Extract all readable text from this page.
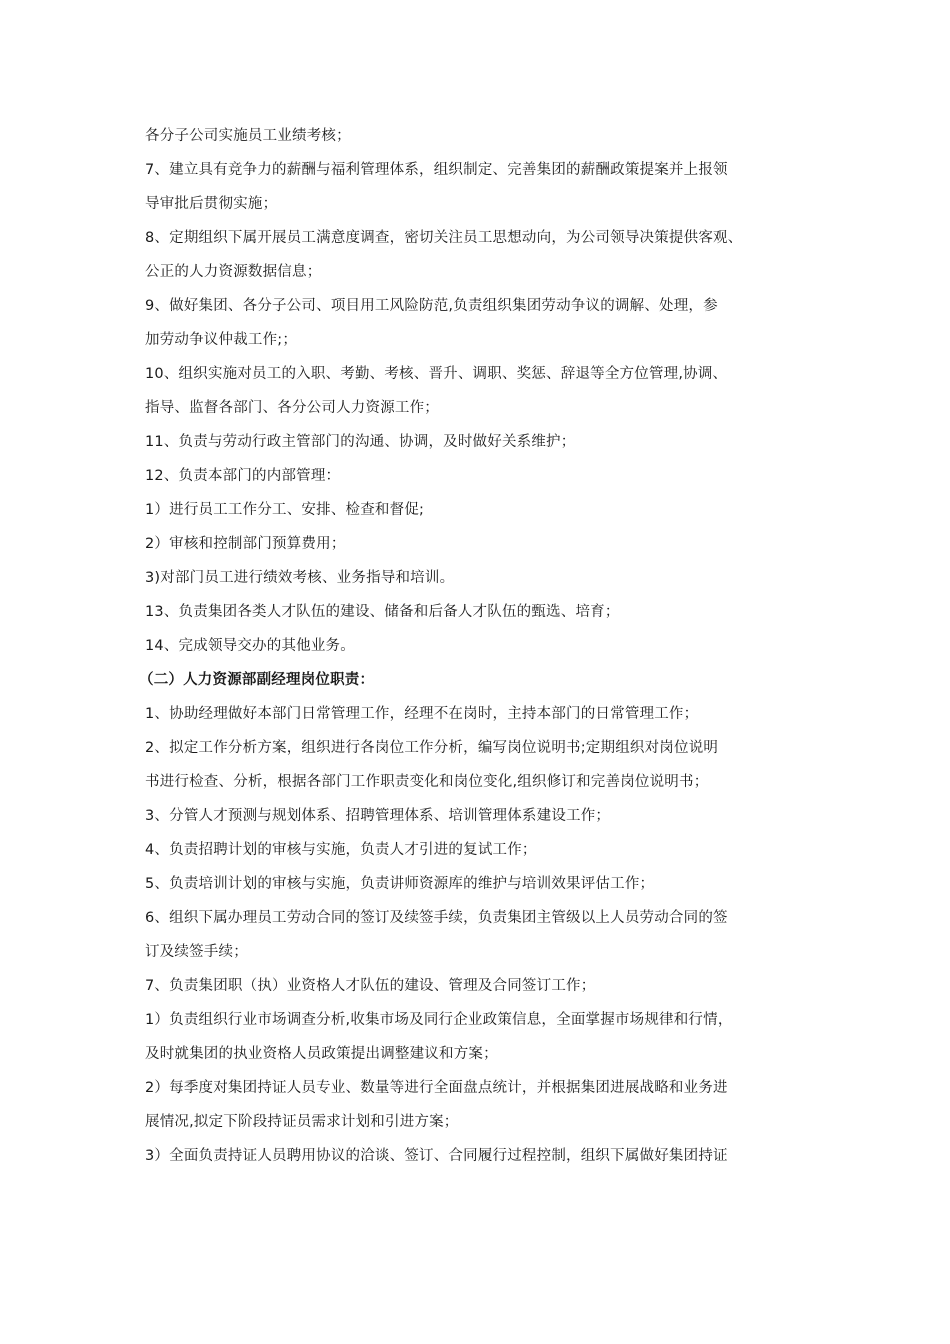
各分子公司实施员工业绩考核；
7、建立具有竞争力的薪酬与福利管理体系，组织制定、完善集团的薪酬政策提案并上报领
导审批后贯彻实施；
8、定期组织下属开展员工满意度调查，密切关注员工思想动向，为公司领导决策提供客观、
公正的人力资源数据信息；
9、做好集团、各分子公司、项目用工风险防范,负责组织集团劳动争议的调解、处理，参
加劳动争议仲裁工作;；
10、组织实施对员工的入职、考勤、考核、晋升、调职、奖惩、辞退等全方位管理,协调、
指导、监督各部门、各分公司人力资源工作；
11、负责与劳动行政主管部门的沟通、协调，及时做好关系维护；
12、负责本部门的内部管理：
1）进行员工工作分工、安排、检查和督促;
2）审核和控制部门预算费用；
3)对部门员工进行绩效考核、业务指导和培训。
13、负责集团各类人才队伍的建设、储备和后备人才队伍的甄选、培育；
14、完成领导交办的其他业务。
（二）人力资源部副经理岗位职责：
1、协助经理做好本部门日常管理工作，经理不在岗时，主持本部门的日常管理工作；
2、拟定工作分析方案，组织进行各岗位工作分析，编写岗位说明书;定期组织对岗位说明
书进行检查、分析，根据各部门工作职责变化和岗位变化,组织修订和完善岗位说明书；
3、分管人才预测与规划体系、招聘管理体系、培训管理体系建设工作；
4、负责招聘计划的审核与实施，负责人才引进的复试工作；
5、负责培训计划的审核与实施，负责讲师资源库的维护与培训效果评估工作；
6、组织下属办理员工劳动合同的签订及续签手续，负责集团主管级以上人员劳动合同的签
订及续签手续；
7、负责集团职（执）业资格人才队伍的建设、管理及合同签订工作；
1）负责组织行业市场调查分析,收集市场及同行企业政策信息，全面掌握市场规律和行情，
及时就集团的执业资格人员政策提出调整建议和方案；
2）每季度对集团持证人员专业、数量等进行全面盘点统计，并根据集团进展战略和业务进
展情况,拟定下阶段持证员需求计划和引进方案；
3）全面负责持证人员聘用协议的洽谈、签订、合同履行过程控制，组织下属做好集团持证
